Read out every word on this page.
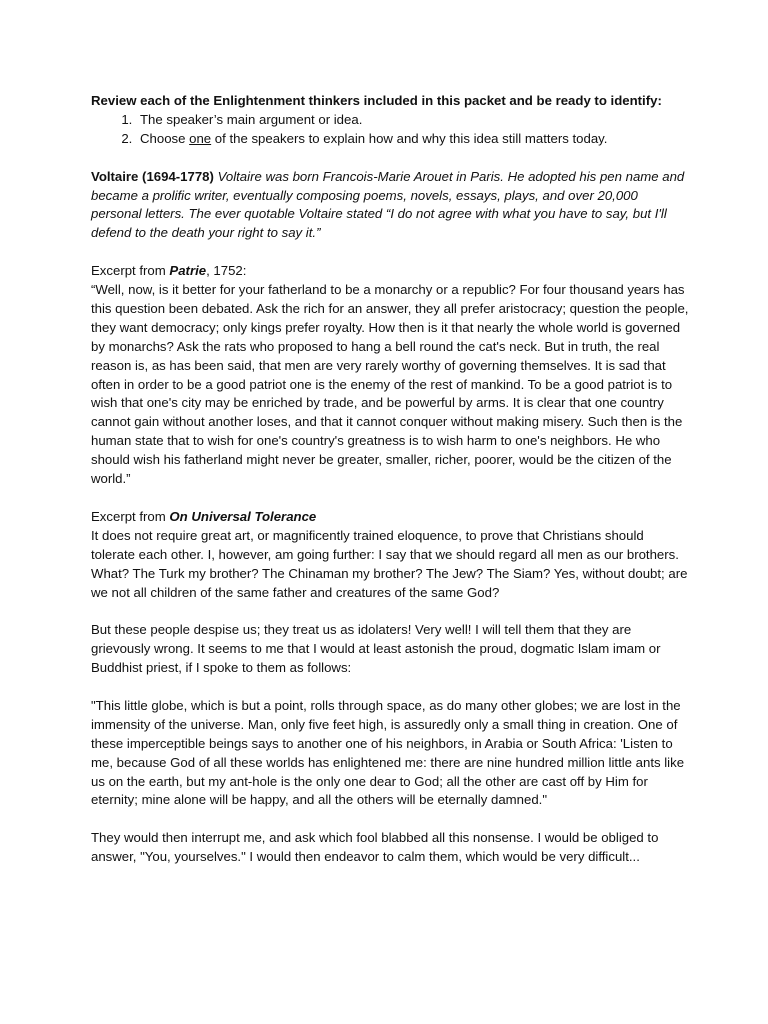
Review each of the Enlightenment thinkers included in this packet and be ready to identify:

1. The speaker’s main argument or idea.
2. Choose one of the speakers to explain how and why this idea still matters today.

Voltaire (1694-1778) Voltaire was born Francois-Marie Arouet in Paris. He adopted his pen name and became a prolific writer, eventually composing poems, novels, essays, plays, and over 20,000 personal letters. The ever quotable Voltaire stated “I do not agree with what you have to say, but I'll defend to the death your right to say it.”

Excerpt from Patrie, 1752:

“Well, now, is it better for your fatherland to be a monarchy or a republic? For four thousand years has this question been debated. Ask the rich for an answer, they all prefer aristocracy; question the people, they want democracy; only kings prefer royalty. How then is it that nearly the whole world is governed by monarchs? Ask the rats who proposed to hang a bell round the cat's neck. But in truth, the real reason is, as has been said, that men are very rarely worthy of governing themselves. It is sad that often in order to be a good patriot one is the enemy of the rest of mankind. To be a good patriot is to wish that one's city may be enriched by trade, and be powerful by arms. It is clear that one country cannot gain without another loses, and that it cannot conquer without making misery. Such then is the human state that to wish for one's country's greatness is to wish harm to one's neighbors. He who should wish his fatherland might never be greater, smaller, richer, poorer, would be the citizen of the world.”

Excerpt from On Universal Tolerance

It does not require great art, or magnificently trained eloquence, to prove that Christians should tolerate each other. I, however, am going further: I say that we should regard all men as our brothers. What? The Turk my brother? The Chinaman my brother? The Jew? The Siam? Yes, without doubt; are we not all children of the same father and creatures of the same God?

But these people despise us; they treat us as idolaters! Very well! I will tell them that they are grievously wrong. It seems to me that I would at least astonish the proud, dogmatic Islam imam or Buddhist priest, if I spoke to them as follows:

"This little globe, which is but a point, rolls through space, as do many other globes; we are lost in the immensity of the universe. Man, only five feet high, is assuredly only a small thing in creation. One of these imperceptible beings says to another one of his neighbors, in Arabia or South Africa: 'Listen to me, because God of all these worlds has enlightened me: there are nine hundred million little ants like us on the earth, but my ant-hole is the only one dear to God; all the other are cast off by Him for eternity; mine alone will be happy, and all the others will be eternally damned."

They would then interrupt me, and ask which fool blabbed all this nonsense. I would be obliged to answer, "You, yourselves." I would then endeavor to calm them, which would be very difficult...
